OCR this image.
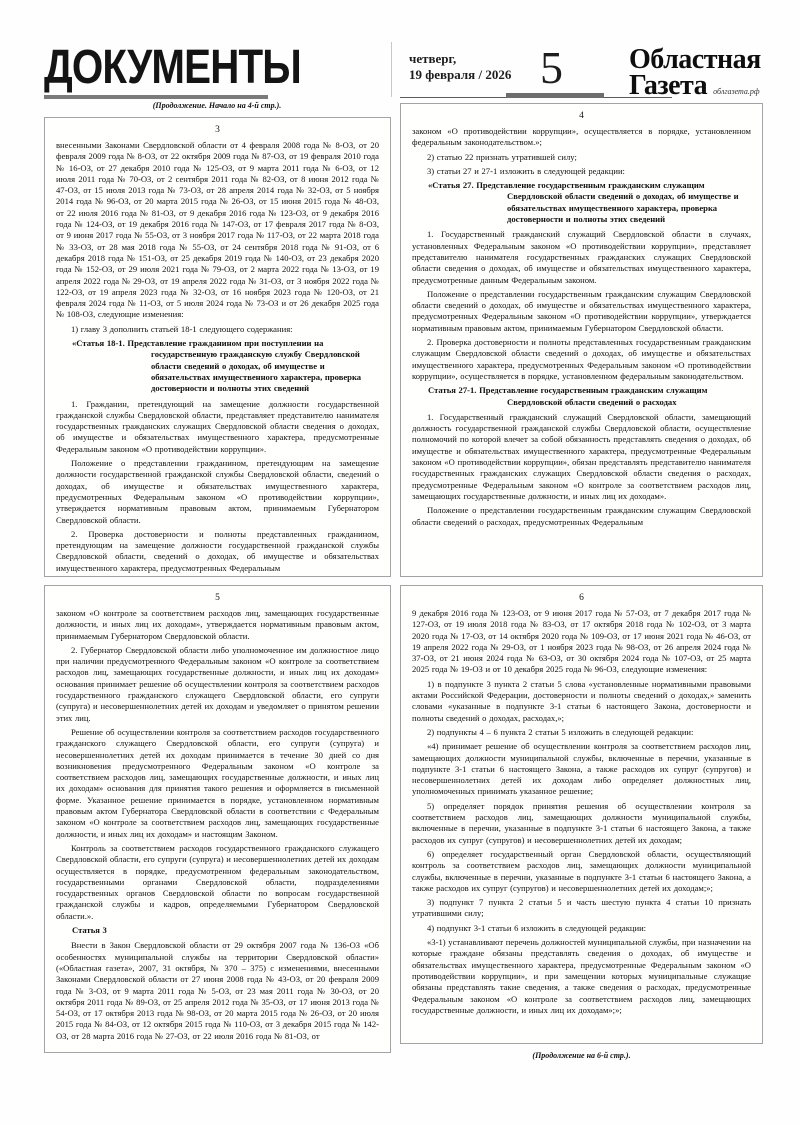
ДОКУМЕНТЫ	четверг,
19 февраля / 2026 5 Областная
Газета облгазета.рф
(Продолжение. Начало на 4-й стр.).
3

внесенными Законами Свердловской области от 4 февраля 2008 года № 8-ОЗ, от 20 февраля 2009 года № 8-ОЗ, от 22 октября 2009 года № 87-ОЗ, от 19 февраля 2010 года № 16-ОЗ, от 27 декабря 2010 года № 125-ОЗ, от 9 марта 2011 года № 6-ОЗ, от 12 июля 2011 года № 70-ОЗ, от 2 сентября 2011 года № 82-ОЗ, от 8 июня 2012 года № 47-ОЗ, от 15 июля 2013 года № 73-ОЗ, от 28 апреля 2014 года № 32-ОЗ, от 5 ноября 2014 года № 96-ОЗ, от 20 марта 2015 года № 26-ОЗ, от 15 июня 2015 года № 48-ОЗ, от 22 июля 2016 года № 81-ОЗ, от 9 декабря 2016 года № 123-ОЗ, от 9 декабря 2016 года № 124-ОЗ, от 19 декабря 2016 года № 147-ОЗ, от 17 февраля 2017 года № 8-ОЗ, от 9 июня 2017 года № 55-ОЗ, от 3 ноября 2017 года № 117-ОЗ, от 22 марта 2018 года № 33-ОЗ, от 28 мая 2018 года № 55-ОЗ, от 24 сентября 2018 года № 91-ОЗ, от 6 декабря 2018 года № 151-ОЗ, от 25 декабря 2019 года № 140-ОЗ, от 23 декабря 2020 года № 152-ОЗ, от 29 июля 2021 года № 79-ОЗ, от 2 марта 2022 года № 13-ОЗ, от 19 апреля 2022 года № 29-ОЗ, от 19 апреля 2022 года № 31-ОЗ, от 3 ноября 2022 года № 122-ОЗ, от 19 апреля 2023 года № 32-ОЗ, от 16 ноября 2023 года № 120-ОЗ, от 21 февраля 2024 года № 11-ОЗ, от 5 июля 2024 года № 73-ОЗ и от 26 декабря 2025 года № 108-ОЗ, следующие изменения:

1) главу 3 дополнить статьей 18-1 следующего содержания:

«Статья 18-1. Представление гражданином при поступлении на государственную гражданскую службу Свердловской области сведений о доходах, об имуществе и обязательствах имущественного характера, проверка достоверности и полноты этих сведений

1. Гражданин, претендующий на замещение должности государственной гражданской службы Свердловской области, представляет представителю нанимателя государственных гражданских служащих Свердловской области сведения о доходах, об имуществе и обязательствах имущественного характера, предусмотренные Федеральным законом «О противодействии коррупции».

Положение о представлении гражданином, претендующим на замещение должности государственной гражданской службы Свердловской области, сведений о доходах, об имуществе и обязательствах имущественного характера, предусмотренных Федеральным законом «О противодействии коррупции», утверждается нормативным правовым актом, принимаемым Губернатором Свердловской области.

2. Проверка достоверности и полноты представленных гражданином, претендующим на замещение должности государственной гражданской службы Свердловской области, сведений о доходах, об имуществе и обязательствах имущественного характера, предусмотренных Федеральным

4

законом «О противодействии коррупции», осуществляется в порядке, установленном федеральным законодательством.»;

2) статью 22 признать утратившей силу;

3) статьи 27 и 27-1 изложить в следующей редакции:

«Статья 27. Представление государственным гражданским служащим Свердловской области сведений о доходах, об имуществе и обязательствах имущественного характера, проверка достоверности и полноты этих сведений

1. Государственный гражданский служащий Свердловской области в случаях, установленных Федеральным законом «О противодействии коррупции», представляет представителю нанимателя государственных гражданских служащих Свердловской области сведения о доходах, об имуществе и обязательствах имущественного характера, предусмотренные данным Федеральным законом.

Положение о представлении государственным гражданским служащим Свердловской области сведений о доходах, об имуществе и обязательствах имущественного характера, предусмотренных Федеральным законом «О противодействии коррупции», утверждается нормативным правовым актом, принимаемым Губернатором Свердловской области.

2. Проверка достоверности и полноты представленных государственным гражданским служащим Свердловской области сведений о доходах, об имуществе и обязательствах имущественного характера, предусмотренных Федеральным законом «О противодействии коррупции», осуществляется в порядке, установленном федеральным законодательством.

Статья 27-1. Представление государственным гражданским служащим Свердловской области сведений о расходах

1. Государственный гражданский служащий Свердловской области, замещающий должность государственной гражданской службы Свердловской области, осуществление полномочий по которой влечет за собой обязанность представлять сведения о доходах, об имуществе и обязательствах имущественного характера, предусмотренные Федеральным законом «О противодействии коррупции», обязан представлять представителю нанимателя государственных гражданских служащих Свердловской области сведения о расходах, предусмотренные Федеральным законом «О контроле за соответствием расходов лиц, замещающих государственные должности, и иных лиц их доходам».

Положение о представлении государственным гражданским служащим Свердловской области сведений о расходах, предусмотренных Федеральным

5

законом «О контроле за соответствием расходов лиц, замещающих государственные должности, и иных лиц их доходам», утверждается нормативным правовым актом, принимаемым Губернатором Свердловской области.

2. Губернатор Свердловской области либо уполномоченное им должностное лицо при наличии предусмотренного Федеральным законом «О контроле за соответствием расходов лиц, замещающих государственные должности, и иных лиц их доходам» основания принимает решение об осуществлении контроля за соответствием расходов государственного гражданского служащего Свердловской области, его супруги (супруга) и несовершеннолетних детей их доходам и уведомляет о принятом решении этих лиц.

Решение об осуществлении контроля за соответствием расходов государственного гражданского служащего Свердловской области, его супруги (супруга) и несовершеннолетних детей их доходам принимается в течение 30 дней со дня возникновения предусмотренного Федеральным законом «О контроле за соответствием расходов лиц, замещающих государственные должности, и иных лиц их доходам» основания для принятия такого решения и оформляется в письменной форме. Указанное решение принимается в порядке, установленном нормативным правовым актом Губернатора Свердловской области в соответствии с Федеральным законом «О контроле за соответствием расходов лиц, замещающих государственные должности, и иных лиц их доходам» и настоящим Законом.

Контроль за соответствием расходов государственного гражданского служащего Свердловской области, его супруги (супруга) и несовершеннолетних детей их доходам осуществляется в порядке, предусмотренном федеральным законодательством, государственными органами Свердловской области, подразделениями государственных органов Свердловской области по вопросам государственной гражданской службы и кадров, определяемыми Губернатором Свердловской области.».

Статья 3

Внести в Закон Свердловской области от 29 октября 2007 года № 136-ОЗ «Об особенностях муниципальной службы на территории Свердловской области» («Областная газета», 2007, 31 октября, № 370 – 375) с изменениями, внесенными Законами Свердловской области от 27 июня 2008 года № 43-ОЗ, от 20 февраля 2009 года № 3-ОЗ, от 9 марта 2011 года № 5-ОЗ, от 23 мая 2011 года № 30-ОЗ, от 20 октября 2011 года № 89-ОЗ, от 25 апреля 2012 года № 35-ОЗ, от 17 июня 2013 года № 54-ОЗ, от 17 октября 2013 года № 98-ОЗ, от 20 марта 2015 года № 26-ОЗ, от 20 июля 2015 года № 84-ОЗ, от 12 октября 2015 года № 110-ОЗ, от 3 декабря 2015 года № 142-ОЗ, от 28 марта 2016 года № 27-ОЗ, от 22 июля 2016 года № 81-ОЗ, от

6

9 декабря 2016 года № 123-ОЗ, от 9 июня 2017 года № 57-ОЗ, от 7 декабря 2017 года № 127-ОЗ, от 19 июля 2018 года № 83-ОЗ, от 17 октября 2018 года № 102-ОЗ, от 3 марта 2020 года № 17-ОЗ, от 14 октября 2020 года № 109-ОЗ, от 17 июня 2021 года № 46-ОЗ, от 19 апреля 2022 года № 29-ОЗ, от 1 ноября 2023 года № 98-ОЗ, от 26 апреля 2024 года № 37-ОЗ, от 21 июня 2024 года № 63-ОЗ, от 30 октября 2024 года № 107-ОЗ, от 25 марта 2025 года № 19-ОЗ и от 10 декабря 2025 года № 96-ОЗ, следующие изменения:

1) в подпункте 3 пункта 2 статьи 5 слова «установленные нормативными правовыми актами Российской Федерации, достоверности и полноты сведений о доходах,» заменить словами «указанные в подпункте 3-1 статьи 6 настоящего Закона, достоверности и полноты сведений о доходах, расходах,»;

2) подпункты 4 – 6 пункта 2 статьи 5 изложить в следующей редакции:

«4) принимает решение об осуществлении контроля за соответствием расходов лиц, замещающих должности муниципальной службы, включенные в перечни, указанные в подпункте 3-1 статьи 6 настоящего Закона, а также расходов их супруг (супругов) и несовершеннолетних детей их доходам либо определяет должностных лиц, уполномоченных принимать указанное решение;

5) определяет порядок принятия решения об осуществлении контроля за соответствием расходов лиц, замещающих должности муниципальной службы, включенные в перечни, указанные в подпункте 3-1 статьи 6 настоящего Закона, а также расходов их супруг (супругов) и несовершеннолетних детей их доходам;

6) определяет государственный орган Свердловской области, осуществляющий контроль за соответствием расходов лиц, замещающих должности муниципальной службы, включенные в перечни, указанные в подпункте 3-1 статьи 6 настоящего Закона, а также расходов их супруг (супругов) и несовершеннолетних детей их доходам;»;

3) подпункт 7 пункта 2 статьи 5 и часть шестую пункта 4 статьи 10 признать утратившими силу;

4) подпункт 3-1 статьи 6 изложить в следующей редакции:

«3-1) устанавливают перечень должностей муниципальной службы, при назначении на которые граждане обязаны представлять сведения о доходах, об имуществе и обязательствах имущественного характера, предусмотренные Федеральным законом «О противодействии коррупции», и при замещении которых муниципальные служащие обязаны представлять такие сведения, а также сведения о расходах, предусмотренные Федеральным законом «О контроле за соответствием расходов лиц, замещающих государственные должности, и иных лиц их доходам»;»;

(Продолжение на 6-й стр.).
